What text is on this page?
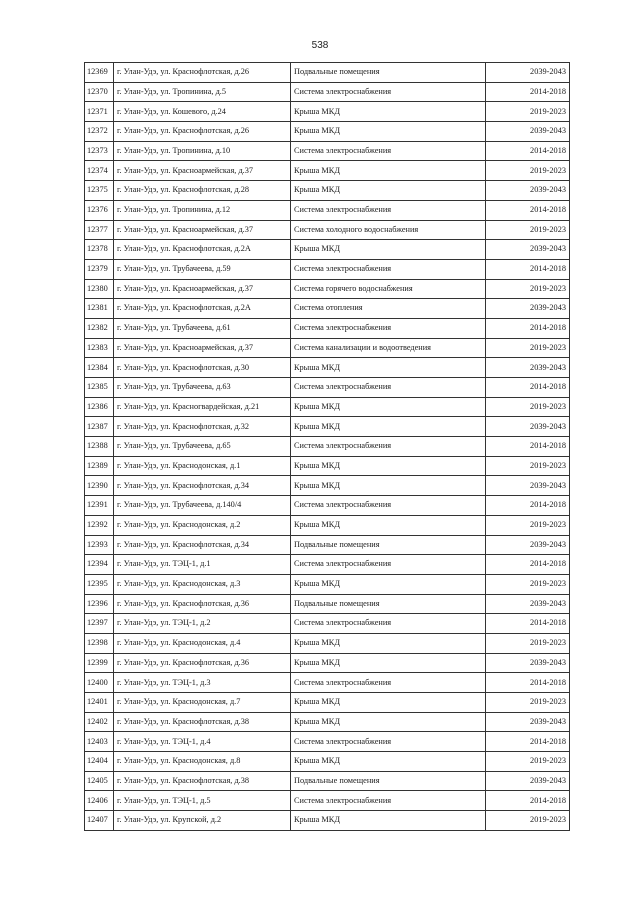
538
12369	г. Улан-Удэ, ул. Краснофлотская, д.26	Подвальные помещения	2039-2043
12370	г. Улан-Удэ, ул. Тропинина, д.5	Система электроснабжения	2014-2018
12371	г. Улан-Удэ, ул. Кошевого, д.24	Крыша МКД	2019-2023
12372	г. Улан-Удэ, ул. Краснофлотская, д.26	Крыша МКД	2039-2043
12373	г. Улан-Удэ, ул. Тропинина, д.10	Система электроснабжения	2014-2018
12374	г. Улан-Удэ, ул. Красноармейская, д.37	Крыша МКД	2019-2023
12375	г. Улан-Удэ, ул. Краснофлотская, д.28	Крыша МКД	2039-2043
12376	г. Улан-Удэ, ул. Тропинина, д.12	Система электроснабжения	2014-2018
12377	г. Улан-Удэ, ул. Красноармейская, д.37	Система холодного водоснабжения	2019-2023
12378	г. Улан-Удэ, ул. Краснофлотская, д.2А	Крыша МКД	2039-2043
12379	г. Улан-Удэ, ул. Трубачеева, д.59	Система электроснабжения	2014-2018
12380	г. Улан-Удэ, ул. Красноармейская, д.37	Система горячего водоснабжения	2019-2023
12381	г. Улан-Удэ, ул. Краснофлотская, д.2А	Система отопления	2039-2043
12382	г. Улан-Удэ, ул. Трубачеева, д.61	Система электроснабжения	2014-2018
12383	г. Улан-Удэ, ул. Красноармейская, д.37	Система канализации и водоотведения	2019-2023
12384	г. Улан-Удэ, ул. Краснофлотская, д.30	Крыша МКД	2039-2043
12385	г. Улан-Удэ, ул. Трубачеева, д.63	Система электроснабжения	2014-2018
12386	г. Улан-Удэ, ул. Красногвардейская, д.21	Крыша МКД	2019-2023
12387	г. Улан-Удэ, ул. Краснофлотская, д.32	Крыша МКД	2039-2043
12388	г. Улан-Удэ, ул. Трубачеева, д.65	Система электроснабжения	2014-2018
12389	г. Улан-Удэ, ул. Краснодонская, д.1	Крыша МКД	2019-2023
12390	г. Улан-Удэ, ул. Краснофлотская, д.34	Крыша МКД	2039-2043
12391	г. Улан-Удэ, ул. Трубачеева, д.140/4	Система электроснабжения	2014-2018
12392	г. Улан-Удэ, ул. Краснодонская, д.2	Крыша МКД	2019-2023
12393	г. Улан-Удэ, ул. Краснофлотская, д.34	Подвальные помещения	2039-2043
12394	г. Улан-Удэ, ул. ТЭЦ-1, д.1	Система электроснабжения	2014-2018
12395	г. Улан-Удэ, ул. Краснодонская, д.3	Крыша МКД	2019-2023
12396	г. Улан-Удэ, ул. Краснофлотская, д.36	Подвальные помещения	2039-2043
12397	г. Улан-Удэ, ул. ТЭЦ-1, д.2	Система электроснабжения	2014-2018
12398	г. Улан-Удэ, ул. Краснодонская, д.4	Крыша МКД	2019-2023
12399	г. Улан-Удэ, ул. Краснофлотская, д.36	Крыша МКД	2039-2043
12400	г. Улан-Удэ, ул. ТЭЦ-1, д.3	Система электроснабжения	2014-2018
12401	г. Улан-Удэ, ул. Краснодонская, д.7	Крыша МКД	2019-2023
12402	г. Улан-Удэ, ул. Краснофлотская, д.38	Крыша МКД	2039-2043
12403	г. Улан-Удэ, ул. ТЭЦ-1, д.4	Система электроснабжения	2014-2018
12404	г. Улан-Удэ, ул. Краснодонская, д.8	Крыша МКД	2019-2023
12405	г. Улан-Удэ, ул. Краснофлотская, д.38	Подвальные помещения	2039-2043
12406	г. Улан-Удэ, ул. ТЭЦ-1, д.5	Система электроснабжения	2014-2018
12407	г. Улан-Удэ, ул. Крупской, д.2	Крыша МКД	2019-2023
